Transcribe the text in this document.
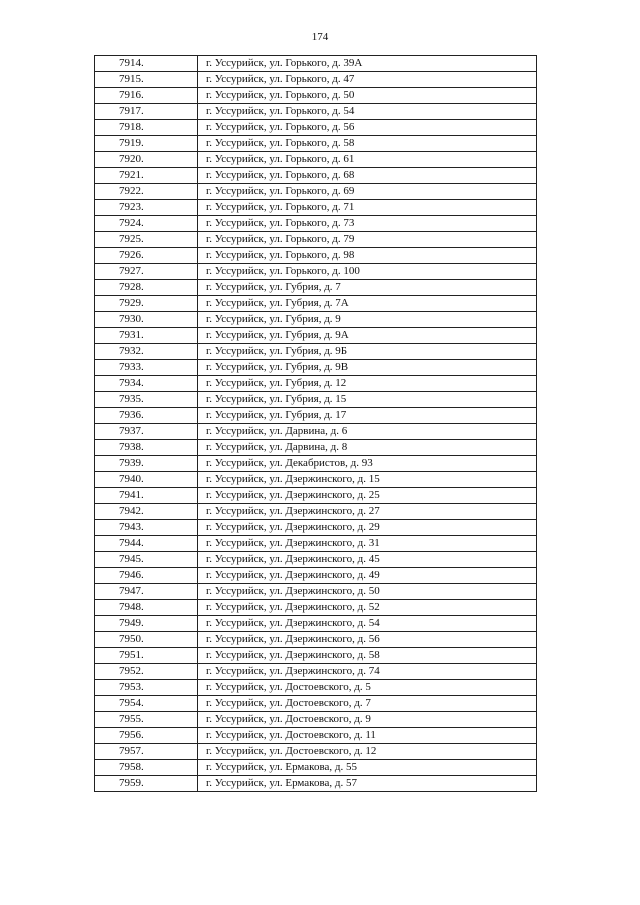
174
7914.	г. Уссурийск, ул. Горького, д. 39А
7915.	г. Уссурийск, ул. Горького, д. 47
7916.	г. Уссурийск, ул. Горького, д. 50
7917.	г. Уссурийск, ул. Горького, д. 54
7918.	г. Уссурийск, ул. Горького, д. 56
7919.	г. Уссурийск, ул. Горького, д. 58
7920.	г. Уссурийск, ул. Горького, д. 61
7921.	г. Уссурийск, ул. Горького, д. 68
7922.	г. Уссурийск, ул. Горького, д. 69
7923.	г. Уссурийск, ул. Горького, д. 71
7924.	г. Уссурийск, ул. Горького, д. 73
7925.	г. Уссурийск, ул. Горького, д. 79
7926.	г. Уссурийск, ул. Горького, д. 98
7927.	г. Уссурийск, ул. Горького, д. 100
7928.	г. Уссурийск, ул. Губрия, д. 7
7929.	г. Уссурийск, ул. Губрия, д. 7А
7930.	г. Уссурийск, ул. Губрия, д. 9
7931.	г. Уссурийск, ул. Губрия, д. 9А
7932.	г. Уссурийск, ул. Губрия, д. 9Б
7933.	г. Уссурийск, ул. Губрия, д. 9В
7934.	г. Уссурийск, ул. Губрия, д. 12
7935.	г. Уссурийск, ул. Губрия, д. 15
7936.	г. Уссурийск, ул. Губрия, д. 17
7937.	г. Уссурийск, ул. Дарвина, д. 6
7938.	г. Уссурийск, ул. Дарвина, д. 8
7939.	г. Уссурийск, ул. Декабристов, д. 93
7940.	г. Уссурийск, ул. Дзержинского, д. 15
7941.	г. Уссурийск, ул. Дзержинского, д. 25
7942.	г. Уссурийск, ул. Дзержинского, д. 27
7943.	г. Уссурийск, ул. Дзержинского, д. 29
7944.	г. Уссурийск, ул. Дзержинского, д. 31
7945.	г. Уссурийск, ул. Дзержинского, д. 45
7946.	г. Уссурийск, ул. Дзержинского, д. 49
7947.	г. Уссурийск, ул. Дзержинского, д. 50
7948.	г. Уссурийск, ул. Дзержинского, д. 52
7949.	г. Уссурийск, ул. Дзержинского, д. 54
7950.	г. Уссурийск, ул. Дзержинского, д. 56
7951.	г. Уссурийск, ул. Дзержинского, д. 58
7952.	г. Уссурийск, ул. Дзержинского, д. 74
7953.	г. Уссурийск, ул. Достоевского, д. 5
7954.	г. Уссурийск, ул. Достоевского, д. 7
7955.	г. Уссурийск, ул. Достоевского, д. 9
7956.	г. Уссурийск, ул. Достоевского, д. 11
7957.	г. Уссурийск, ул. Достоевского, д. 12
7958.	г. Уссурийск, ул. Ермакова, д. 55
7959.	г. Уссурийск, ул. Ермакова, д. 57
